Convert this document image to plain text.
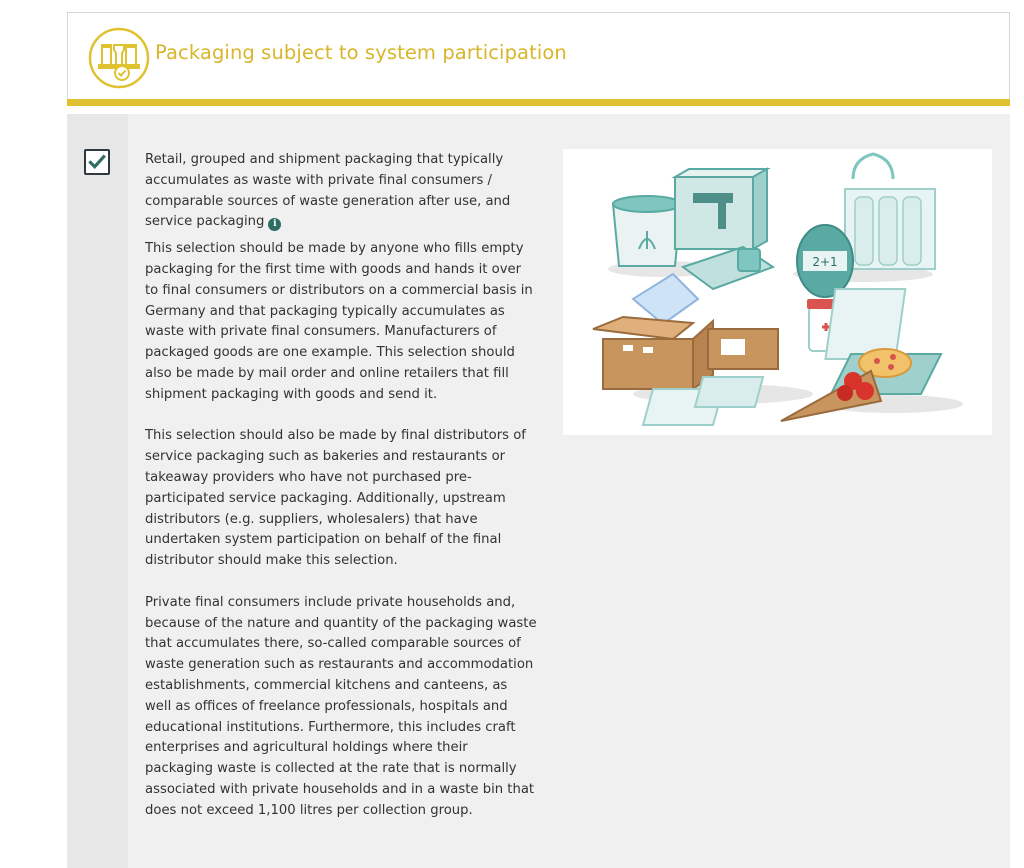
Packaging subject to system participation
Retail, grouped and shipment packaging that typically accumulates as waste with private final consumers / comparable sources of waste generation after use, and service packaging i

This selection should be made by anyone who fills empty packaging for the first time with goods and hands it over to final consumers or distributors on a commercial basis in Germany and that packaging typically accumulates as waste with private final consumers. Manufacturers of packaged goods are one example. This selection should also be made by mail order and online retailers that fill shipment packaging with goods and send it.

This selection should also be made by final distributors of service packaging such as bakeries and restaurants or takeaway providers who have not purchased pre-participated service packaging. Additionally, upstream distributors (e.g. suppliers, wholesalers) that have undertaken system participation on behalf of the final distributor should make this selection.

Private final consumers include private households and, because of the nature and quantity of the packaging waste that accumulates there, so-called comparable sources of waste generation such as restaurants and accommodation establishments, commercial kitchens and canteens, as well as offices of freelance professionals, hospitals and educational institutions. Furthermore, this includes craft enterprises and agricultural holdings where their packaging waste is collected at the rate that is normally associated with private households and in a waste bin that does not exceed 1,100 litres per collection group.

2+1
